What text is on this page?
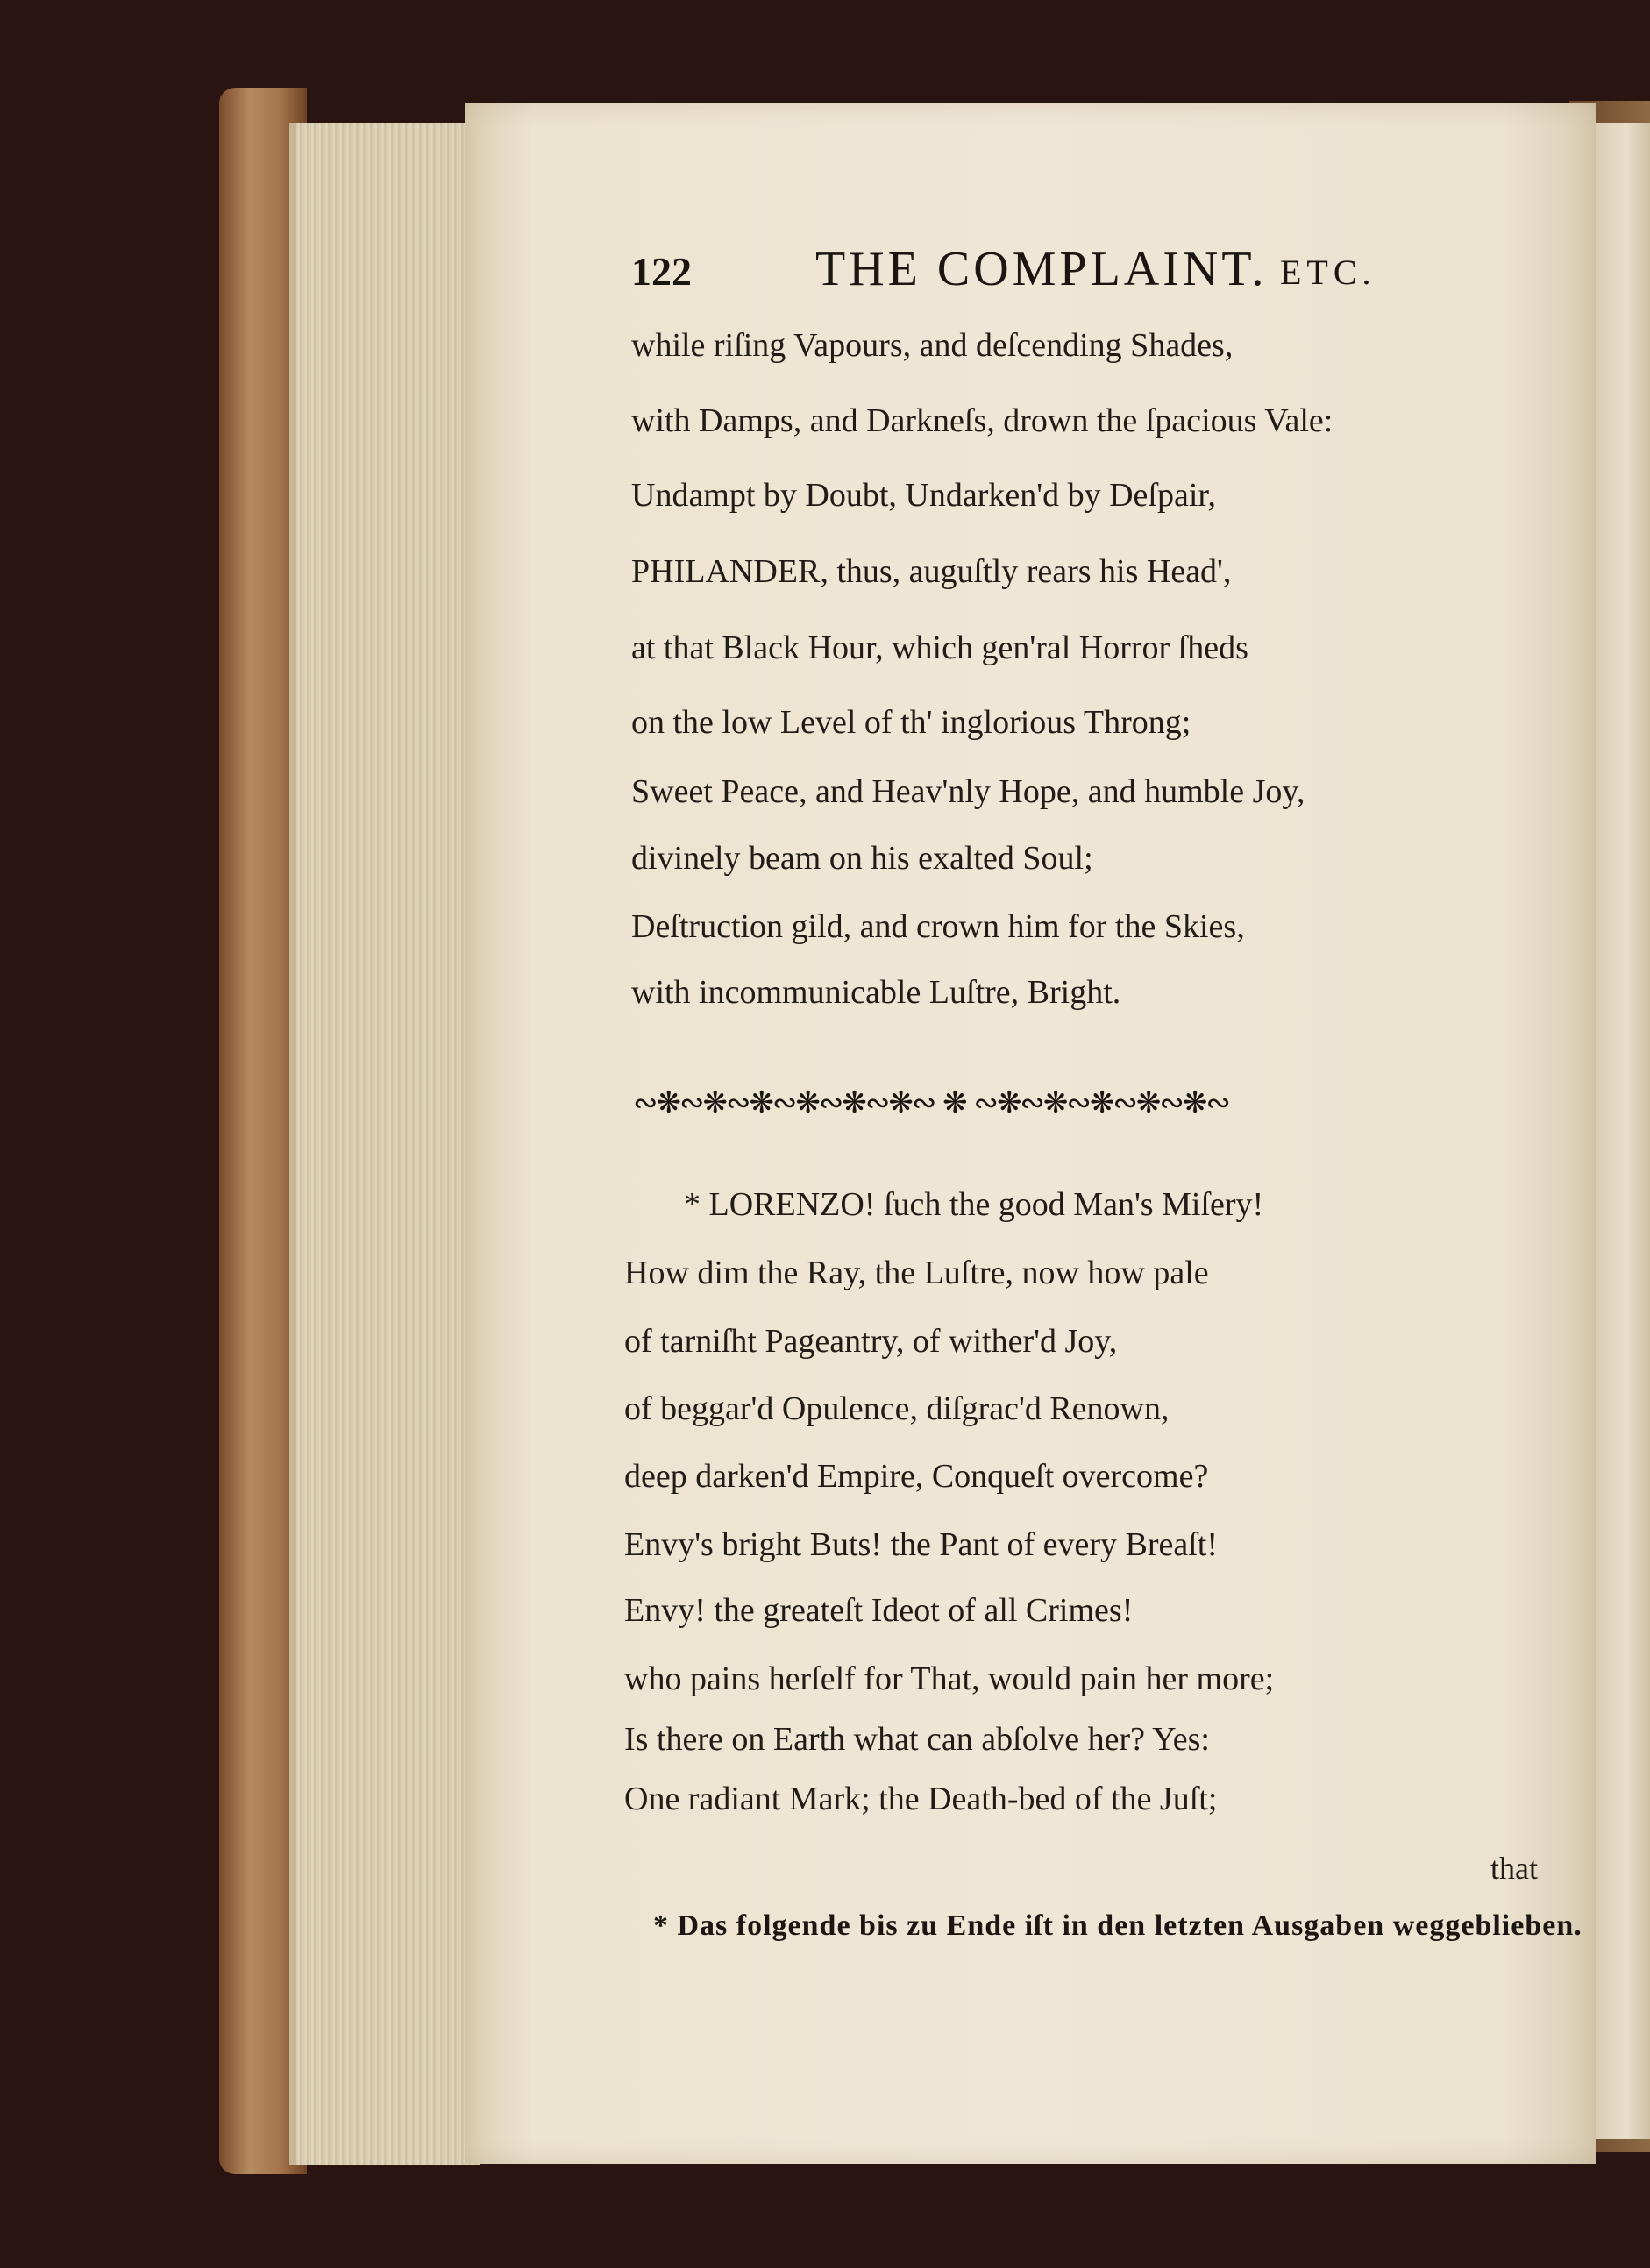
122	THE COMPLAINT. ETC.
while riſing Vapours, and deſcending Shades,
with Damps, and Darkneſs, drown the ſpacious Vale:
Undampt by Doubt, Undarken'd by Deſpair,
PHILANDER, thus, auguſtly rears his Head',
at that Black Hour, which gen'ral Horror ſheds
on the low Level of th' inglorious Throng;
Sweet Peace, and Heav'nly Hope, and humble Joy,
divinely beam on his exalted Soul;
Deſtruction gild, and crown him for the Skies,
with incommunicable Luſtre, Bright.
∾❋∾❋∾❋∾❋∾❋∾❋∾ ❋ ∾❋∾❋∾❋∾❋∾❋∾
* LORENZO! ſuch the good Man's Miſery!
How dim the Ray, the Luſtre, now how pale
of tarniſht Pageantry, of wither'd Joy,
of beggar'd Opulence, diſgrac'd Renown,
deep darken'd Empire, Conqueſt overcome?
Envy's bright Buts! the Pant of every Breaſt!
Envy! the greateſt Ideot of all Crimes!
who pains herſelf for That, would pain her more;
Is there on Earth what can abſolve her? Yes:
One radiant Mark; the Death-bed of the Juſt;
that
* Das folgende bis zu Ende iſt in den letzten Ausgaben weggeblieben.
